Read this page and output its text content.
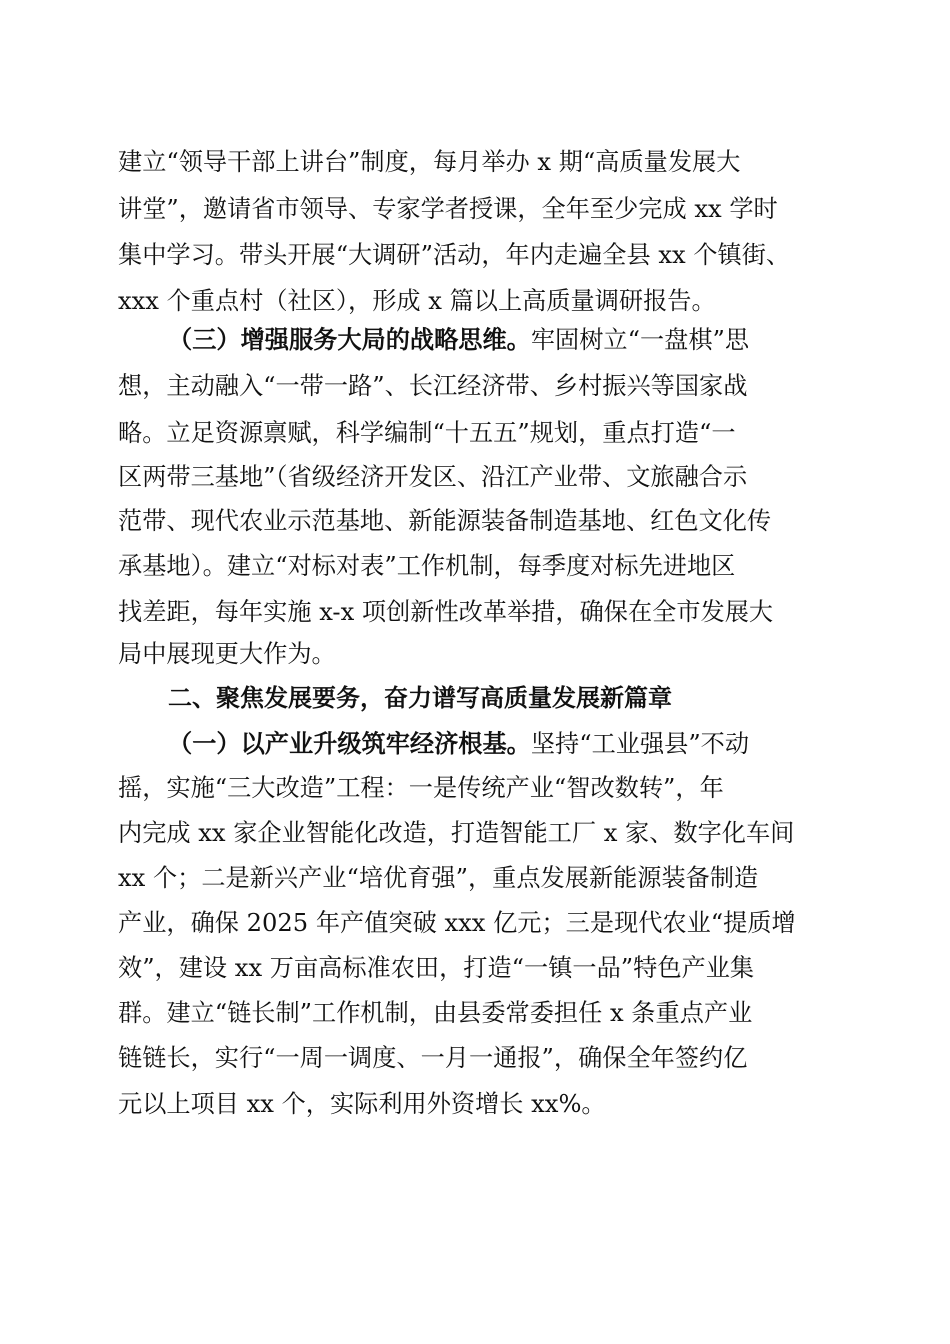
建立“领导干部上讲台”制度，每月举办 x 期“高质量发展大
讲堂”，邀请省市领导、专家学者授课，全年至少完成 xx 学时
集中学习。带头开展“大调研”活动，年内走遍全县 xx 个镇街、
xxx 个重点村（社区），形成 x 篇以上高质量调研报告。
（三）增强服务大局的战略思维。牢固树立“一盘棋”思
想，主动融入“一带一路”、长江经济带、乡村振兴等国家战
略。立足资源禀赋，科学编制“十五五”规划，重点打造“一
区两带三基地”（省级经济开发区、沿江产业带、文旅融合示
范带、现代农业示范基地、新能源装备制造基地、红色文化传
承基地）。建立“对标对表”工作机制，每季度对标先进地区
找差距，每年实施 x-x 项创新性改革举措，确保在全市发展大
局中展现更大作为。
二、聚焦发展要务，奋力谱写高质量发展新篇章
（一）以产业升级筑牢经济根基。坚持“工业强县”不动
摇，实施“三大改造”工程：一是传统产业“智改数转”，年
内完成 xx 家企业智能化改造，打造智能工厂 x 家、数字化车间
xx 个；二是新兴产业“培优育强”，重点发展新能源装备制造
产业，确保 2025 年产值突破 xxx 亿元；三是现代农业“提质增
效”，建设 xx 万亩高标准农田，打造“一镇一品”特色产业集
群。建立“链长制”工作机制，由县委常委担任 x 条重点产业
链链长，实行“一周一调度、一月一通报”，确保全年签约亿
元以上项目 xx 个，实际利用外资增长 xx%。
